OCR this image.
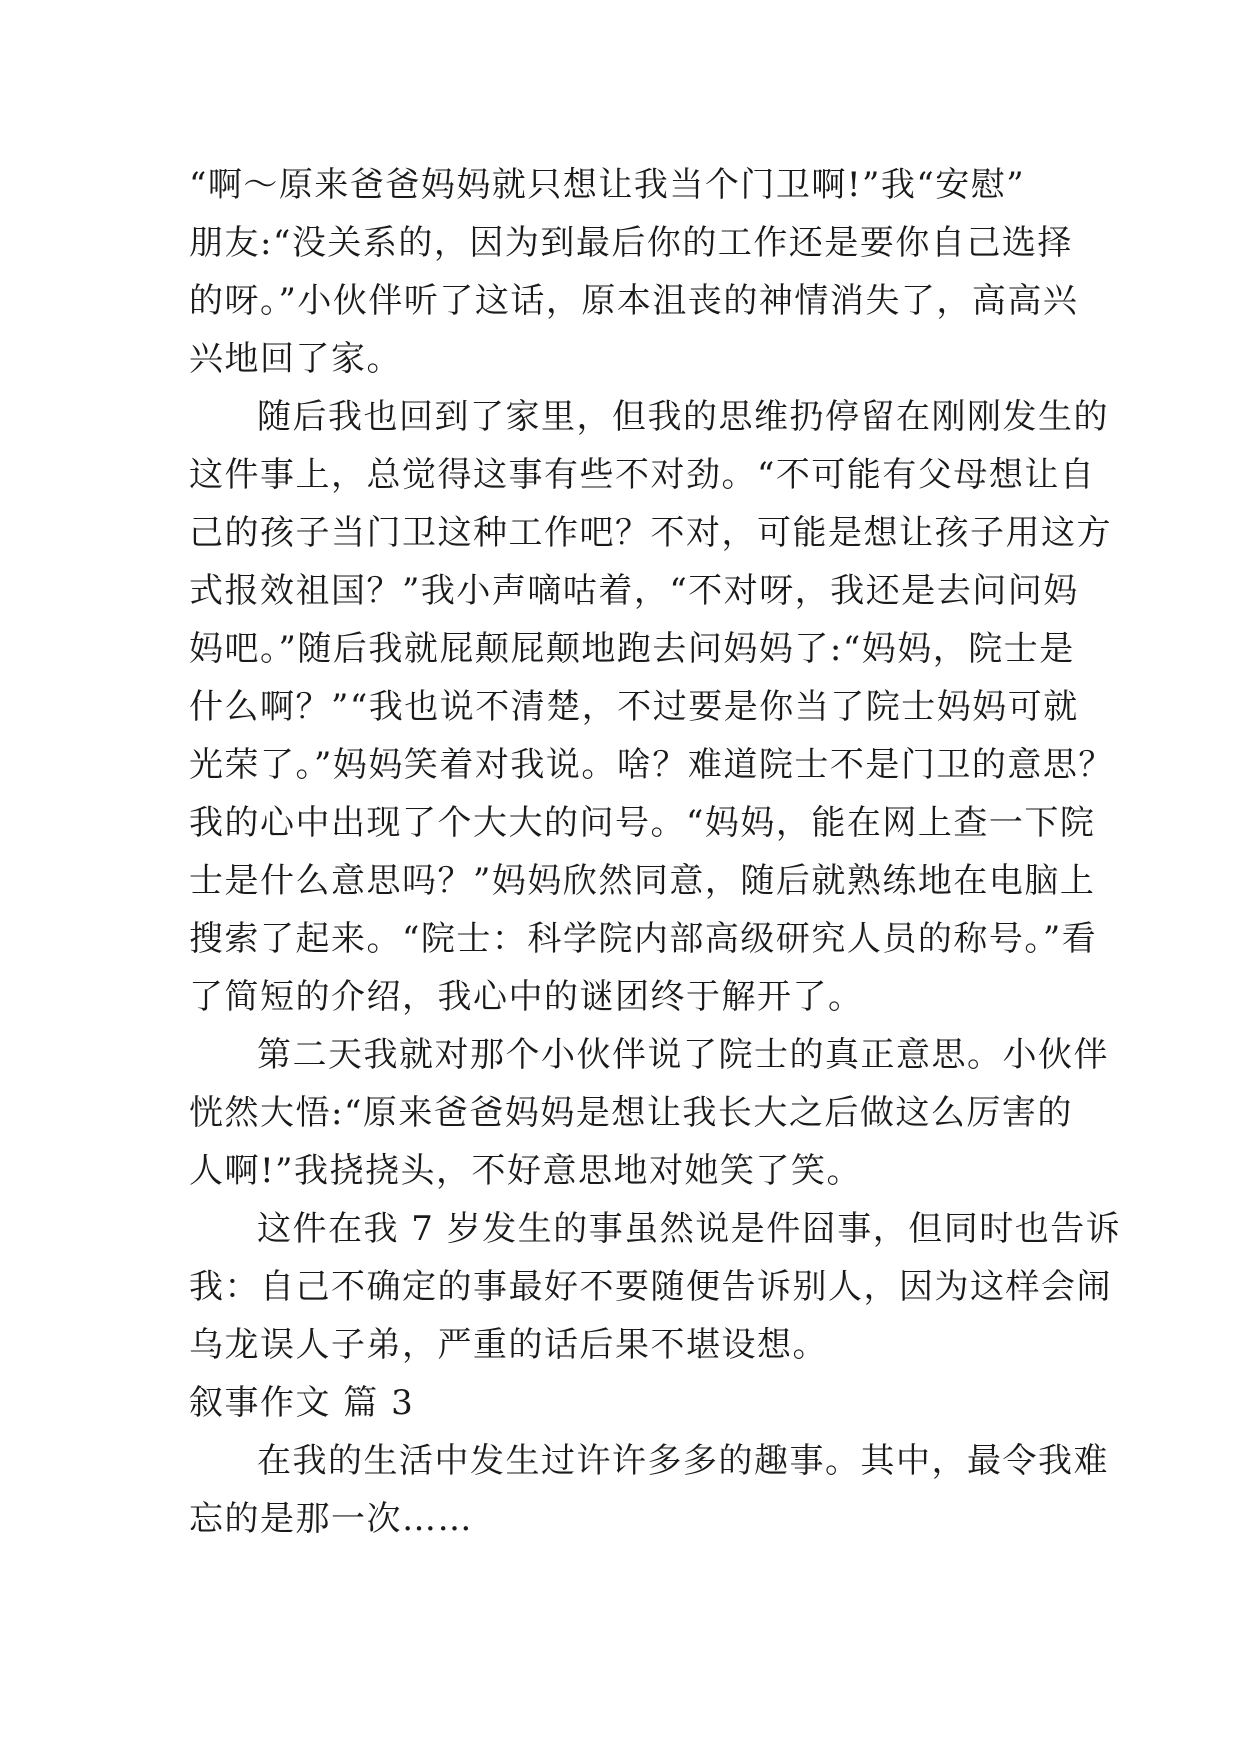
“啊～原来爸爸妈妈就只想让我当个门卫啊!”我“安慰”
朋友:“没关系的，因为到最后你的工作还是要你自己选择
的呀。”小伙伴听了这话，原本沮丧的神情消失了，高高兴
兴地回了家。
随后我也回到了家里，但我的思维扔停留在刚刚发生的
这件事上，总觉得这事有些不对劲。“不可能有父母想让自
己的孩子当门卫这种工作吧？不对，可能是想让孩子用这方
式报效祖国？”我小声嘀咕着，“不对呀，我还是去问问妈
妈吧。”随后我就屁颠屁颠地跑去问妈妈了:“妈妈，院士是
什么啊？”“我也说不清楚，不过要是你当了院士妈妈可就
光荣了。”妈妈笑着对我说。啥？难道院士不是门卫的意思？
我的心中出现了个大大的问号。“妈妈，能在网上查一下院
士是什么意思吗？”妈妈欣然同意，随后就熟练地在电脑上
搜索了起来。“院士：科学院内部高级研究人员的称号。”看
了简短的介绍，我心中的谜团终于解开了。
第二天我就对那个小伙伴说了院士的真正意思。小伙伴
恍然大悟:“原来爸爸妈妈是想让我长大之后做这么厉害的
人啊!”我挠挠头，不好意思地对她笑了笑。
这件在我 7 岁发生的事虽然说是件囧事，但同时也告诉
我：自己不确定的事最好不要随便告诉别人，因为这样会闹
乌龙误人子弟，严重的话后果不堪设想。
叙事作文 篇 3
在我的生活中发生过许许多多的趣事。其中，最令我难
忘的是那一次……
